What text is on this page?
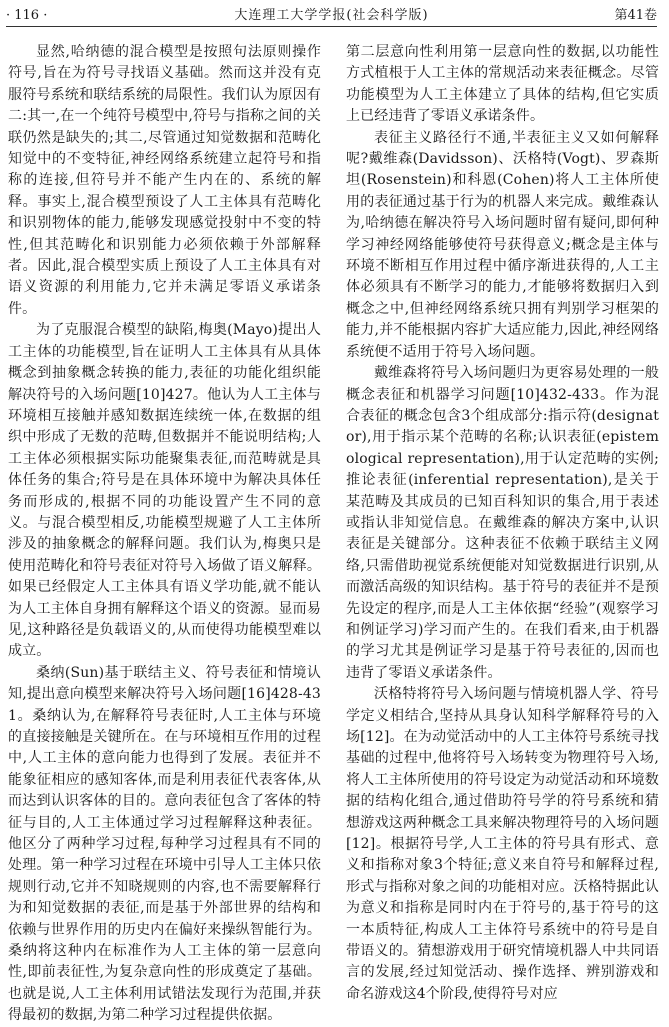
· 116 ·	大连理工大学学报(社会科学版)	第41卷

显然,哈纳德的混合模型是按照句法原则操作符号,旨在为符号寻找语义基础。然而这并没有克服符号系统和联结系统的局限性。我们认为原因有二:其一,在一个纯符号模型中,符号与指称之间的关联仍然是缺失的;其二,尽管通过知觉数据和范畴化知觉中的不变特征,神经网络系统建立起符号和指称的连接,但符号并不能产生内在的、系统的解释。事实上,混合模型预设了人工主体具有范畴化和识别物体的能力,能够发现感觉投射中不变的特性,但其范畴化和识别能力必须依赖于外部解释者。因此,混合模型实质上预设了人工主体具有对语义资源的利用能力,它并未满足零语义承诺条件。

为了克服混合模型的缺陷,梅奥(Mayo)提出人工主体的功能模型,旨在证明人工主体具有从具体概念到抽象概念转换的能力,表征的功能化组织能解决符号的入场问题[10]427。他认为人工主体与环境相互接触并感知数据连续统一体,在数据的组织中形成了无数的范畴,但数据并不能说明结构;人工主体必须根据实际功能聚集表征,而范畴就是具体任务的集合;符号是在具体环境中为解决具体任务而形成的,根据不同的功能设置产生不同的意义。与混合模型相反,功能模型规避了人工主体所涉及的抽象概念的解释问题。我们认为,梅奥只是使用范畴化和符号表征对符号入场做了语义解释。如果已经假定人工主体具有语义学功能,就不能认为人工主体自身拥有解释这个语义的资源。显而易见,这种路径是负载语义的,从而使得功能模型难以成立。

桑纳(Sun)基于联结主义、符号表征和情境认知,提出意向模型来解决符号入场问题[16]428-431。桑纳认为,在解释符号表征时,人工主体与环境的直接接触是关键所在。在与环境相互作用的过程中,人工主体的意向能力也得到了发展。表征并不能象征相应的感知客体,而是利用表征代表客体,从而达到认识客体的目的。意向表征包含了客体的特征与目的,人工主体通过学习过程解释这种表征。他区分了两种学习过程,每种学习过程具有不同的处理。第一种学习过程在环境中引导人工主体只依规则行动,它并不知晓规则的内容,也不需要解释行为和知觉数据的表征,而是基于外部世界的结构和依赖与世界作用的历史内在偏好来操纵智能行为。桑纳将这种内在标准作为人工主体的第一层意向性,即前表征性,为复杂意向性的形成奠定了基础。也就是说,人工主体利用试错法发现行为范围,并获得最初的数据,为第二种学习过程提供依据。

第二层意向性利用第一层意向性的数据,以功能性方式植根于人工主体的常规活动来表征概念。尽管功能模型为人工主体建立了具体的结构,但它实质上已经违背了零语义承诺条件。

表征主义路径行不通,半表征主义又如何解释呢?戴维森(Davidsson)、沃格特(Vogt)、罗森斯坦(Rosenstein)和科恩(Cohen)将人工主体所使用的表征通过基于行为的机器人来完成。戴维森认为,哈纳德在解决符号入场问题时留有疑问,即何种学习神经网络能够使符号获得意义;概念是主体与环境不断相互作用过程中循序渐进获得的,人工主体必须具有不断学习的能力,才能够将数据归入到概念之中,但神经网络系统只拥有判别学习框架的能力,并不能根据内容扩大适应能力,因此,神经网络系统便不适用于符号入场问题。

戴维森将符号入场问题归为更容易处理的一般概念表征和机器学习问题[10]432-433。作为混合表征的概念包含3个组成部分:指示符(designator),用于指示某个范畴的名称;认识表征(epistemological representation),用于认定范畴的实例;推论表征(inferential representation),是关于某范畴及其成员的已知百科知识的集合,用于表述或指认非知觉信息。在戴维森的解决方案中,认识表征是关键部分。这种表征不依赖于联结主义网络,只需借助视觉系统便能对知觉数据进行识别,从而激活高级的知识结构。基于符号的表征并不是预先设定的程序,而是人工主体依据“经验”(观察学习和例证学习)学习而产生的。在我们看来,由于机器的学习尤其是例证学习是基于符号表征的,因而也违背了零语义承诺条件。

沃格特将符号入场问题与情境机器人学、符号学定义相结合,坚持从具身认知科学解释符号的入场[12]。在为动觉活动中的人工主体符号系统寻找基础的过程中,他将符号入场转变为物理符号入场,将人工主体所使用的符号设定为动觉活动和环境数据的结构化组合,通过借助符号学的符号系统和猜想游戏这两种概念工具来解决物理符号的入场问题[12]。根据符号学,人工主体的符号具有形式、意义和指称对象3个特征;意义来自符号和解释过程,形式与指称对象之间的功能相对应。沃格特据此认为意义和指称是同时内在于符号的,基于符号的这一本质特征,构成人工主体符号系统中的符号是自带语义的。猜想游戏用于研究情境机器人中共同语言的发展,经过知觉活动、操作选择、辨别游戏和命名游戏这4个阶段,使得符号对应
